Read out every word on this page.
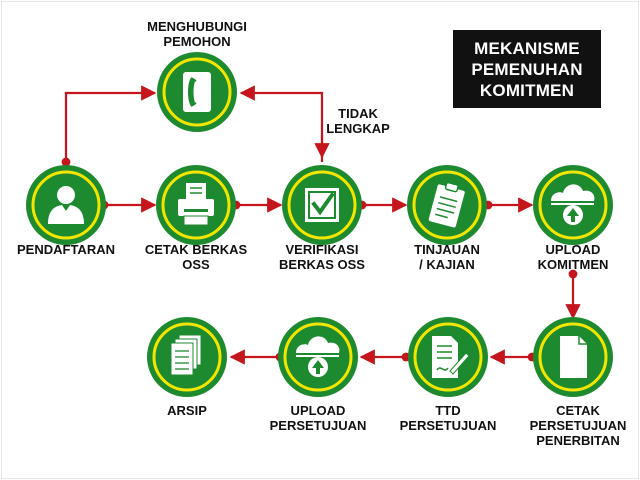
MEKANISME
PEMENUHAN
KOMITMEN
MENGHUBUNGI
PEMOHON
TIDAK
LENGKAP
PENDAFTARAN CETAK BERKAS
OSS
VERIFIKASI
BERKAS OSS
TINJAUAN
/ KAJIAN
UPLOAD
KOMITMEN
ARSIP	UPLOAD
PERSETUJUAN
TTD
PERSETUJUAN
CETAK
PERSETUJUAN
PENERBITAN
